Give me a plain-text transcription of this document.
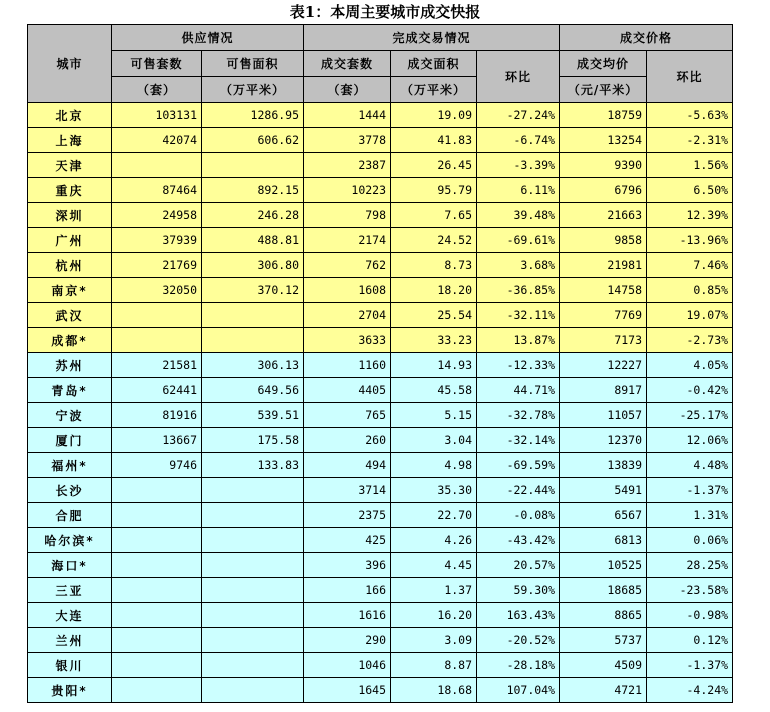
表1：本周主要城市成交快报
城市	供应情况		完成交易情况			成交价格	
	可售套数	可售面积	成交套数	成交面积	环比	成交均价	环比
	（套）	（万平米）	（套）	（万平米）		（元/平米）	
北京	103131	1286.95	1444	19.09	-27.24%	18759	-5.63%
上海	42074	606.62	3778	41.83	-6.74%	13254	-2.31%
天津			2387	26.45	-3.39%	9390	1.56%
重庆	87464	892.15	10223	95.79	6.11%	6796	6.50%
深圳	24958	246.28	798	7.65	39.48%	21663	12.39%
广州	37939	488.81	2174	24.52	-69.61%	9858	-13.96%
杭州	21769	306.80	762	8.73	3.68%	21981	7.46%
南京*	32050	370.12	1608	18.20	-36.85%	14758	0.85%
武汉			2704	25.54	-32.11%	7769	19.07%
成都*			3633	33.23	13.87%	7173	-2.73%
苏州	21581	306.13	1160	14.93	-12.33%	12227	4.05%
青岛*	62441	649.56	4405	45.58	44.71%	8917	-0.42%
宁波	81916	539.51	765	5.15	-32.78%	11057	-25.17%
厦门	13667	175.58	260	3.04	-32.14%	12370	12.06%
福州*	9746	133.83	494	4.98	-69.59%	13839	4.48%
长沙			3714	35.30	-22.44%	5491	-1.37%
合肥			2375	22.70	-0.08%	6567	1.31%
哈尔滨*			425	4.26	-43.42%	6813	0.06%
海口*			396	4.45	20.57%	10525	28.25%
三亚			166	1.37	59.30%	18685	-23.58%
大连			1616	16.20	163.43%	8865	-0.98%
兰州			290	3.09	-20.52%	5737	0.12%
银川			1046	8.87	-28.18%	4509	-1.37%
贵阳*			1645	18.68	107.04%	4721	-4.24%
